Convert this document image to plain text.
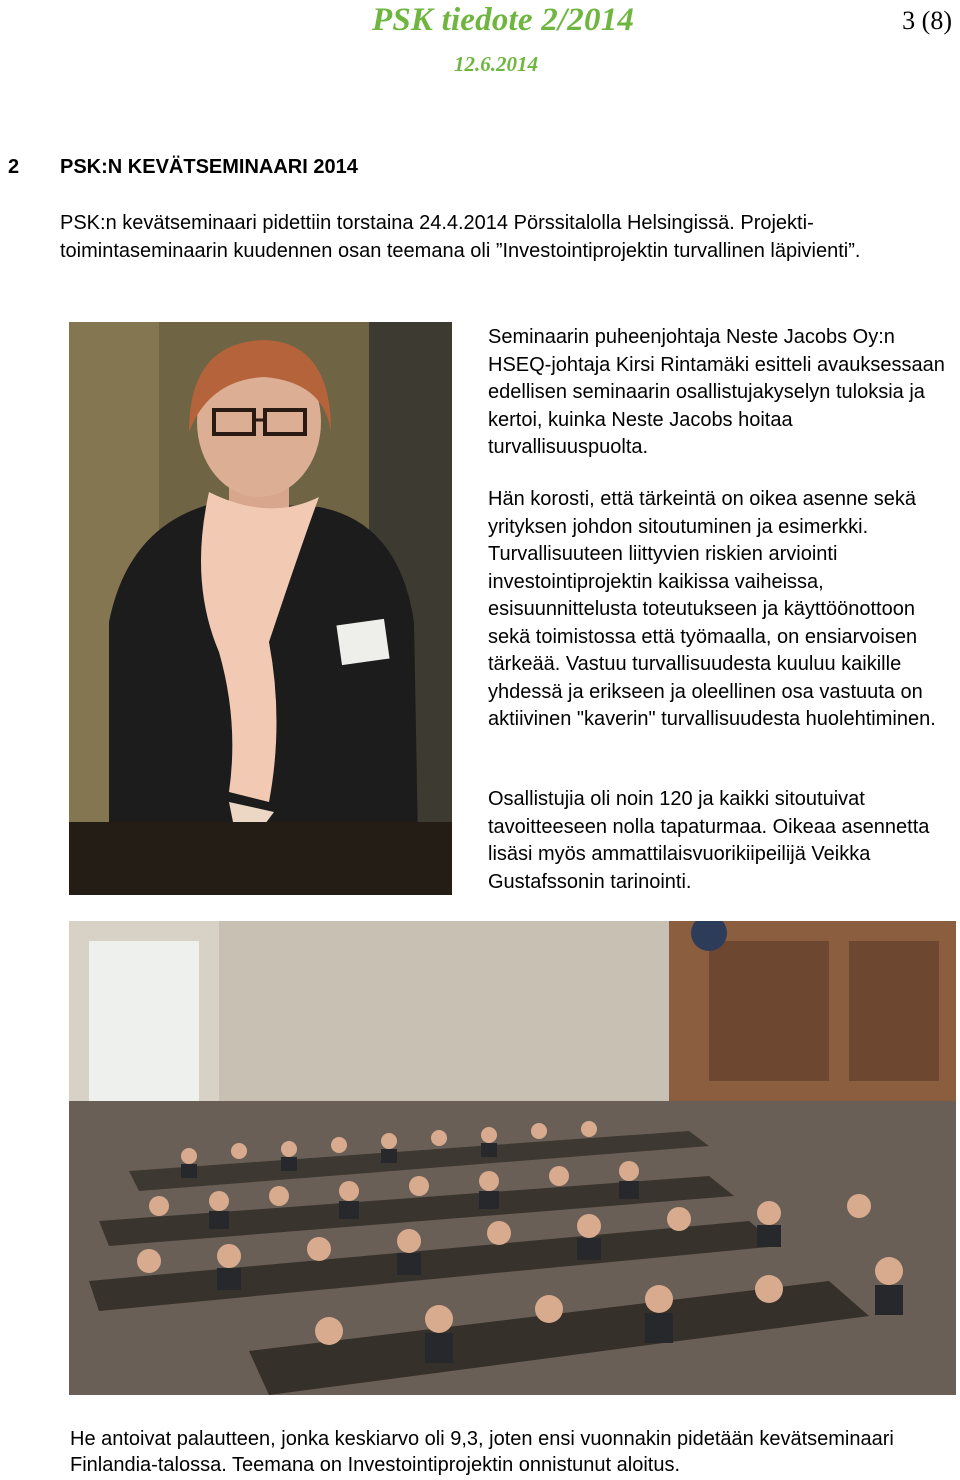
PSK tiedote 2/2014
12.6.2014
3 (8)
2 PSK:N KEVÄTSEMINAARI 2014

PSK:n kevätseminaari pidettiin torstaina 24.4.2014 Pörssitalolla Helsingissä. Projektitoimintaseminaarin kuudennen osan teemana oli ”Investointiprojektin turvallinen läpivienti”.

Seminaarin puheenjohtaja Neste Jacobs Oy:n HSEQ-johtaja Kirsi Rintamäki esitteli avauksessaan edellisen seminaarin osallistujakyselyn tuloksia ja kertoi, kuinka Neste Jacobs hoitaa turvallisuuspuolta.

Hän korosti, että tärkeintä on oikea asenne sekä yrityksen johdon sitoutuminen ja esimerkki. Turvallisuuteen liittyvien riskien arviointi investointiprojektin kaikissa vaiheissa, esisuunnittelusta toteutukseen ja käyttöönottoon sekä toimistossa että työmaalla, on ensiarvoisen tärkeää. Vastuu turvallisuudesta kuuluu kaikille yhdessä ja erikseen ja oleellinen osa vastuuta on aktiivinen "kaverin" turvallisuudesta huolehtiminen.

Osallistujia oli noin 120 ja kaikki sitoutuivat tavoitteeseen nolla tapaturmaa. Oikeaa asennetta lisäsi myös ammattilaisvuorikiipeilijä Veikka Gustafssonin tarinointi.

He antoivat palautteen, jonka keskiarvo oli 9,3, joten ensi vuonnakin pidetään kevätseminaari Finlandia-talossa. Teemana on Investointiprojektin onnistunut aloitus.
